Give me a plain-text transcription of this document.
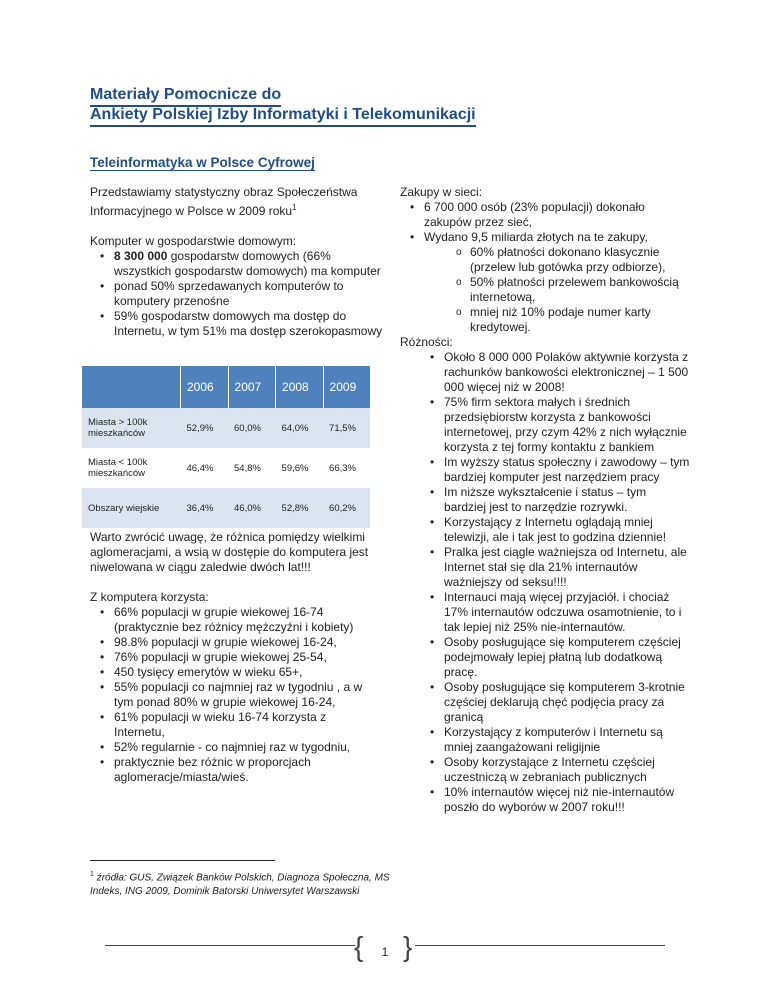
Materiały Pomocnicze do
Ankiety Polskiej Izby Informatyki i Telekomunikacji
Teleinformatyka w Polsce Cyfrowej

Przedstawiamy statystyczny obraz Społeczeństwa Informacyjnego w Polsce w 2009 roku$^1$

Komputer w gospodarstwie domowym:

• 8 300 000 gospodarstw domowych (66% wszystkich gospodarstw domowych) ma komputer
• ponad 50% sprzedawanych komputerów to komputery przenośne
• 59% gospodarstw domowych ma dostęp do Internetu, w tym 51% ma dostęp szerokopasmowy
	2006	2007	2008	2009
Miasta > 100k mieszkańców	52,9%	60,0%	64,0%	71,5%
Miasta < 100k mieszkańców	46,4%	54,8%	59,6%	66,3%
Obszary wiejskie	36,4%	46,0%	52,8%	60,2%

Warto zwrócić uwagę, że różnica pomiędzy wielkimi aglomeracjami, a wsią w dostępie do komputera jest niwelowana w ciągu zaledwie dwóch lat!!!

Z komputera korzysta:

• 66% populacji w grupie wiekowej 16-74 (praktycznie bez różnicy mężczyźni i kobiety)
• 98.8% populacji w grupie wiekowej 16-24,
• 76% populacji w grupie wiekowej 25-54,
• 450 tysięcy emerytów w wieku 65+,
• 55% populacji co najmniej raz w tygodniu , a w tym ponad 80% w grupie wiekowej 16-24,
• 61% populacji w wieku 16-74 korzysta z Internetu,
• 52% regularnie - co najmniej raz w tygodniu,
• praktycznie bez różnic w proporcjach aglomeracje/miasta/wieś.
$^1$ źródła: GUS, Związek Banków Polskich, Diagnoza Społeczna, MS Indeks, ING 2009, Dominik Batorski Uniwersytet Warszawski

Zakupy w sieci:

• 6 700 000 osób (23% populacji) dokonało zakupów przez sieć,
• Wydano 9,5 miliarda złotych na te zakupy,
o 60% płatności dokonano klasycznie (przelew lub gotówka przy odbiorze),
o 50% płatności przelewem bankowością internetową,
o mniej niż 10% podaje numer karty kredytowej.

Różności:

• Około 8 000 000 Polaków aktywnie korzysta z rachunków bankowości elektronicznej – 1 500 000 więcej niż w 2008!
• 75% firm sektora małych i średnich przedsiębiorstw korzysta z bankowości internetowej, przy czym 42% z nich wyłącznie korzysta z tej formy kontaktu z bankiem
• Im wyższy status społeczny i zawodowy – tym bardziej komputer jest narzędziem pracy
• Im niższe wykształcenie i status – tym bardziej jest to narzędzie rozrywki.
• Korzystający z Internetu oglądają mniej telewizji, ale i tak jest to godzina dziennie!
• Pralka jest ciągle ważniejsza od Internetu, ale Internet stał się dla 21% internautów ważniejszy od seksu!!!!
• Internauci mają więcej przyjaciół. i chociaż 17% internautów odczuwa osamotnienie, to i tak lepiej niż 25% nie-internautów.
• Osoby posługujące się komputerem częściej podejmowały lepiej płatną lub dodatkową pracę.
• Osoby posługujące się komputerem 3-krotnie częściej deklarują chęć podjęcia pracy za granicą
• Korzystający z komputerów i Internetu są mniej zaangażowani religijnie
• Osoby korzystające z Internetu częściej uczestniczą w zebraniach publicznych
• 10% internautów więcej niż nie-internautów poszło do wyborów w 2007 roku!!!
{ 1 }
